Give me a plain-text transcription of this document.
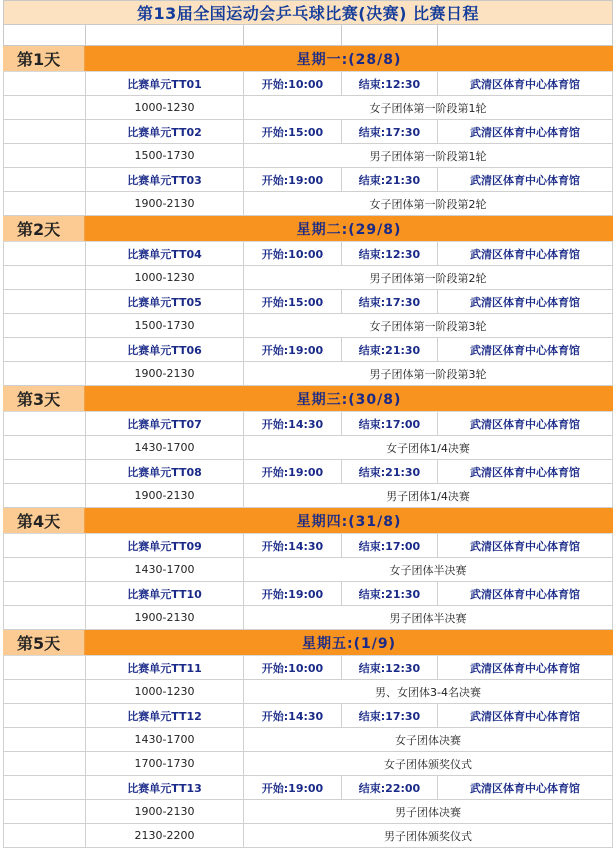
第13届全国运动会乒乓球比赛(决赛) 比赛日程
第1天	星期一:(28/8)
比赛单元TT01	开始:10:00	结束:12:30	武清区体育中心体育馆
1000-1230	女子团体第一阶段第1轮
比赛单元TT02	开始:15:00	结束:17:30	武清区体育中心体育馆
1500-1730	男子团体第一阶段第1轮
比赛单元TT03	开始:19:00	结束:21:30	武清区体育中心体育馆
1900-2130	女子团体第一阶段第2轮
第2天	星期二:(29/8)
比赛单元TT04	开始:10:00	结束:12:30	武清区体育中心体育馆
1000-1230	男子团体第一阶段第2轮
比赛单元TT05	开始:15:00	结束:17:30	武清区体育中心体育馆
1500-1730	女子团体第一阶段第3轮
比赛单元TT06	开始:19:00	结束:21:30	武清区体育中心体育馆
1900-2130	男子团体第一阶段第3轮
第3天	星期三:(30/8)
比赛单元TT07	开始:14:30	结束:17:00	武清区体育中心体育馆
1430-1700	女子团体1/4决赛
比赛单元TT08	开始:19:00	结束:21:30	武清区体育中心体育馆
1900-2130	男子团体1/4决赛
第4天	星期四:(31/8)
比赛单元TT09	开始:14:30	结束:17:00	武清区体育中心体育馆
1430-1700	女子团体半决赛
比赛单元TT10	开始:19:00	结束:21:30	武清区体育中心体育馆
1900-2130	男子团体半决赛
第5天	星期五:(1/9)
比赛单元TT11	开始:10:00	结束:12:30	武清区体育中心体育馆
1000-1230	男、女团体3-4名决赛
比赛单元TT12	开始:14:30	结束:17:30	武清区体育中心体育馆
1430-1700	女子团体决赛
1700-1730	女子团体颁奖仪式
比赛单元TT13	开始:19:00	结束:22:00	武清区体育中心体育馆
1900-2130	男子团体决赛
2130-2200	男子团体颁奖仪式
